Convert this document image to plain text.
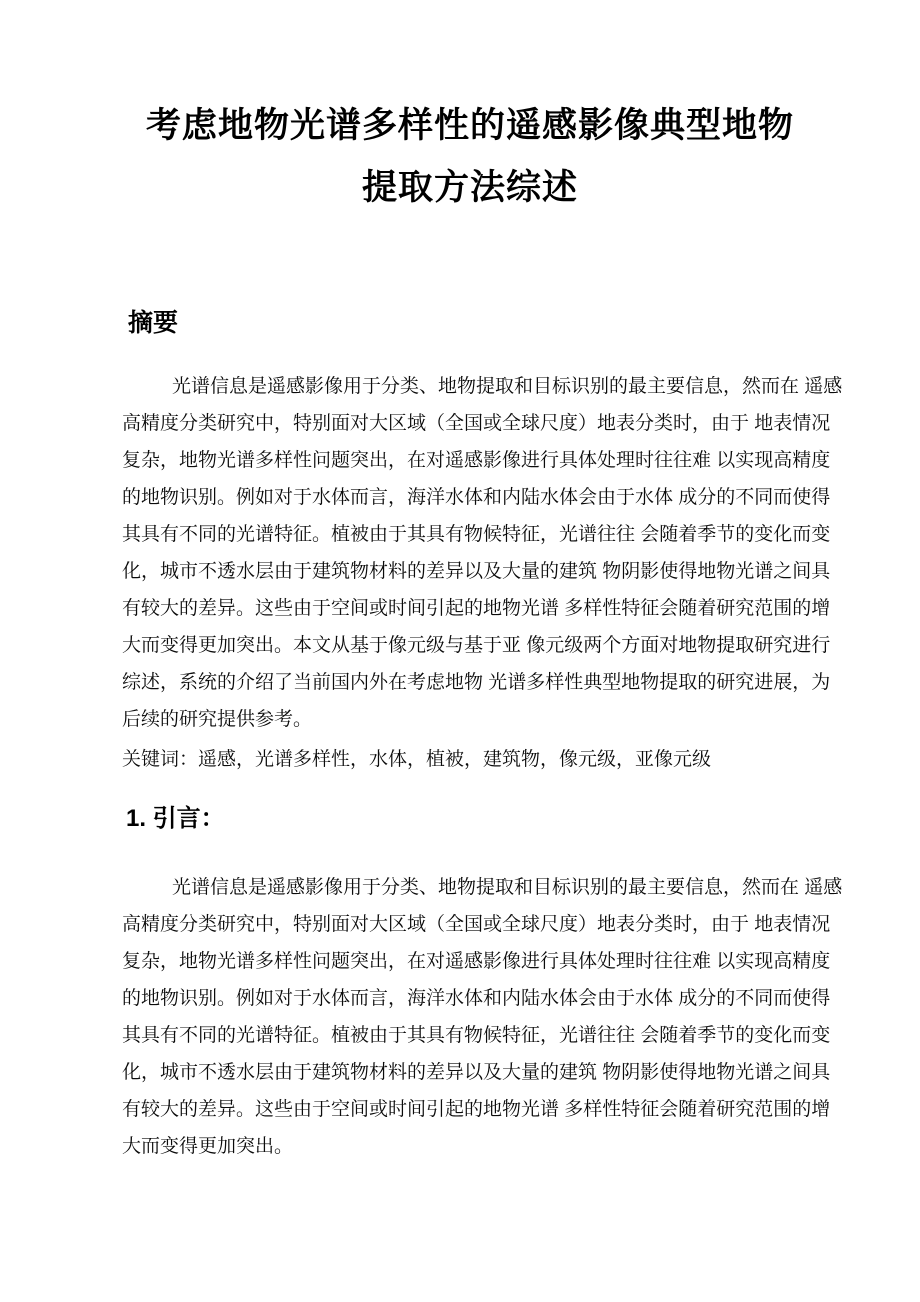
考虑地物光谱多样性的遥感影像典型地物
提取方法综述
摘要
光谱信息是遥感影像用于分类、地物提取和目标识别的最主要信息，然而在 遥感
高精度分类研究中，特别面对大区域（全国或全球尺度）地表分类时，由于 地表情况
复杂，地物光谱多样性问题突出，在对遥感影像进行具体处理时往往难 以实现高精度
的地物识别。例如对于水体而言，海洋水体和内陆水体会由于水体 成分的不同而使得
其具有不同的光谱特征。植被由于其具有物候特征，光谱往往 会随着季节的变化而变
化，城市不透水层由于建筑物材料的差异以及大量的建筑 物阴影使得地物光谱之间具
有较大的差异。这些由于空间或时间引起的地物光谱 多样性特征会随着研究范围的增
大而变得更加突出。本文从基于像元级与基于亚 像元级两个方面对地物提取研究进行
综述，系统的介绍了当前国内外在考虑地物 光谱多样性典型地物提取的研究进展，为
后续的研究提供参考。
关键词：遥感，光谱多样性，水体，植被，建筑物，像元级，亚像元级
1. 引言：
光谱信息是遥感影像用于分类、地物提取和目标识别的最主要信息，然而在 遥感
高精度分类研究中，特别面对大区域（全国或全球尺度）地表分类时，由于 地表情况
复杂，地物光谱多样性问题突出，在对遥感影像进行具体处理时往往难 以实现高精度
的地物识别。例如对于水体而言，海洋水体和内陆水体会由于水体 成分的不同而使得
其具有不同的光谱特征。植被由于其具有物候特征，光谱往往 会随着季节的变化而变
化，城市不透水层由于建筑物材料的差异以及大量的建筑 物阴影使得地物光谱之间具
有较大的差异。这些由于空间或时间引起的地物光谱 多样性特征会随着研究范围的增
大而变得更加突出。
